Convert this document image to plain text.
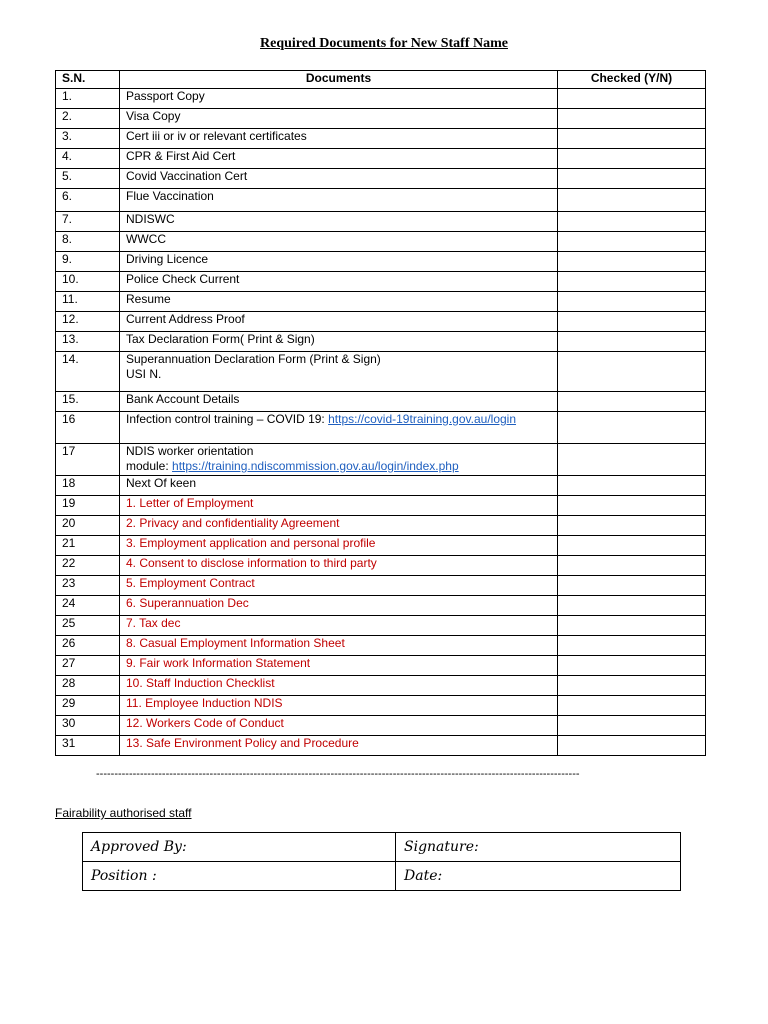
Required Documents for New Staff Name
S.N.	Documents	Checked (Y/N)
1.	Passport Copy	
2.	Visa Copy	
3.	Cert iii or iv or relevant certificates	
4.	CPR & First Aid Cert	
5.	Covid Vaccination Cert	
6.	Flue Vaccination	
7.	NDISWC	
8.	WWCC	
9.	Driving Licence	
10.	Police Check Current	
11.	Resume	
12.	Current Address Proof	
13.	Tax Declaration Form( Print & Sign)	
14.	Superannuation Declaration Form (Print & Sign)
USI N.	
15.	Bank Account Details	
16	Infection control training – COVID 19: https://covid-19training.gov.au/login	
17	NDIS worker orientation
module: https://training.ndiscommission.gov.au/login/index.php	
18	Next Of keen	
19	1. Letter of Employment	
20	2. Privacy and confidentiality Agreement	
21	3. Employment application and personal profile	
22	4. Consent to disclose information to third party	
23	5. Employment Contract	
24	6. Superannuation Dec	
25	7. Tax dec	
26	8. Casual Employment Information Sheet	
27	9. Fair work Information Statement	
28	10. Staff Induction Checklist	
29	11. Employee Induction NDIS	
30	12. Workers Code of Conduct	
31	13. Safe Environment Policy and Procedure	
------------------------------------------------------------------------------------------------------------------------------------
Fairability authorised staff
Approved By:	Signature:
Position :	Date:
